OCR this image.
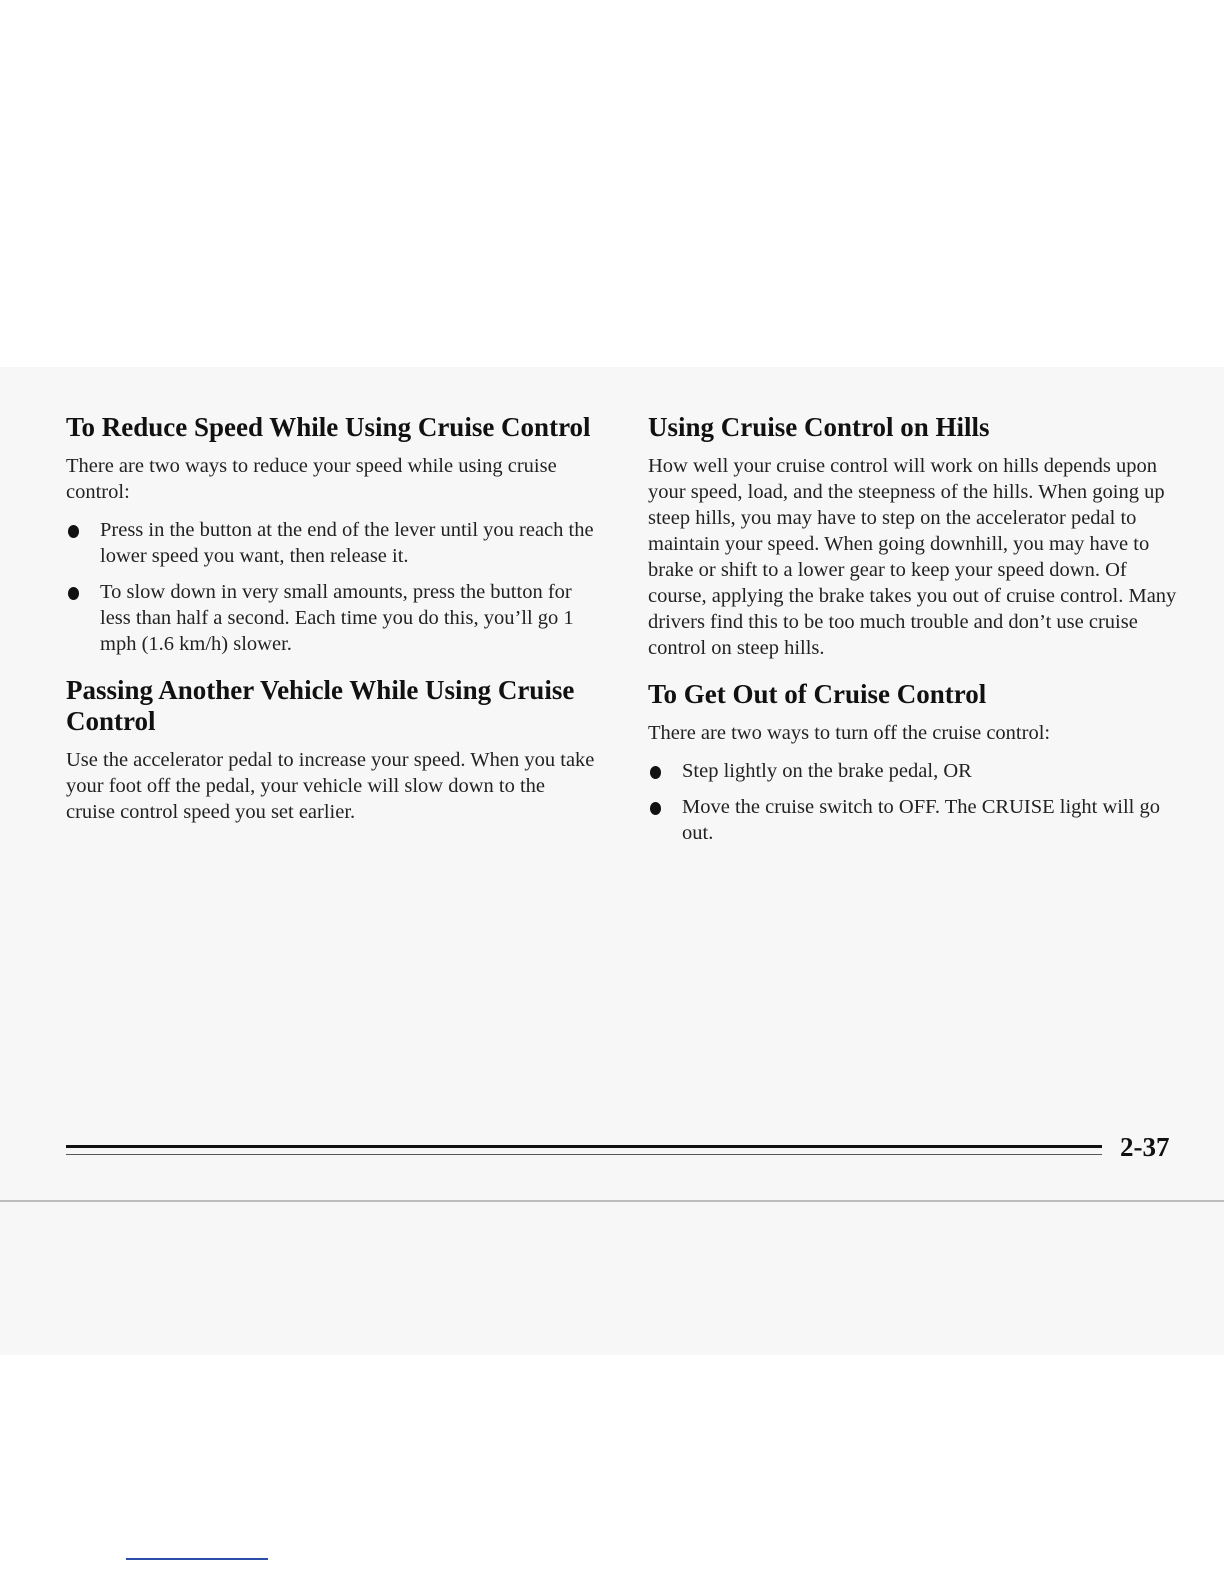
To Reduce Speed While Using Cruise Control

There are two ways to reduce your speed while using cruise control:

Press in the button at the end of the lever until you reach the lower speed you want, then release it.
To slow down in very small amounts, press the button for less than half a second. Each time you do this, you’ll go 1 mph (1.6 km/h) slower.
Passing Another Vehicle While Using Cruise Control

Use the accelerator pedal to increase your speed. When you take your foot off the pedal, your vehicle will slow down to the cruise control speed you set earlier.

Using Cruise Control on Hills

How well your cruise control will work on hills depends upon your speed, load, and the steepness of the hills. When going up steep hills, you may have to step on the accelerator pedal to maintain your speed. When going downhill, you may have to brake or shift to a lower gear to keep your speed down. Of course, applying the brake takes you out of cruise control. Many drivers find this to be too much trouble and don’t use cruise control on steep hills.

To Get Out of Cruise Control

There are two ways to turn off the cruise control:

Step lightly on the brake pedal, OR
Move the cruise switch to OFF. The CRUISE light will go out.
2-37
